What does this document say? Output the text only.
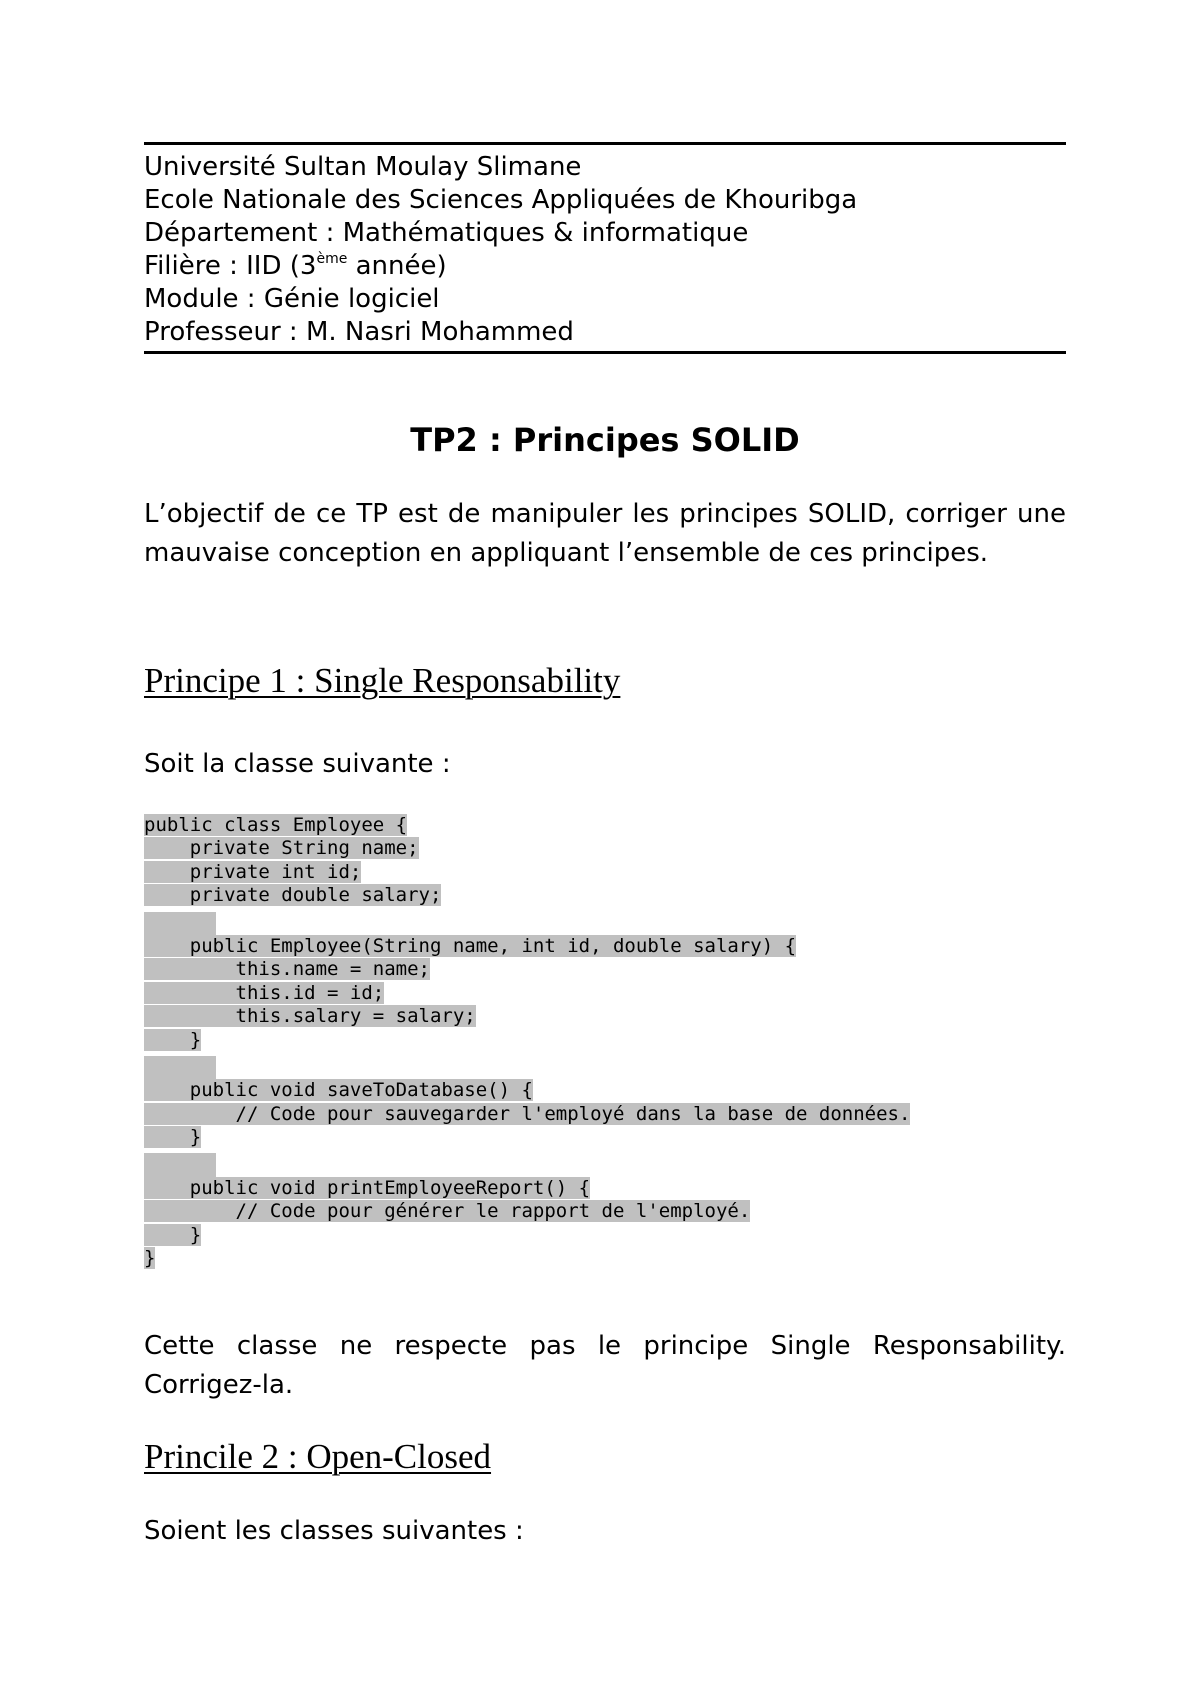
Université Sultan Moulay Slimane
Ecole Nationale des Sciences Appliquées de Khouribga
Département : Mathématiques & informatique
Filière : IID (3ème année)
Module : Génie logiciel
Professeur : M. Nasri Mohammed
TP2 : Principes SOLID
L’objectif de ce TP est de manipuler les principes SOLID, corriger une mauvaise conception en appliquant l’ensemble de ces principes.
Principe 1 : Single Responsability
Soit la classe suivante :
public class Employee {
private String name;
private int id;
private double salary;
public Employee(String name, int id, double salary) {
this.name = name;
this.id = id;
this.salary = salary;
}
public void saveToDatabase() {
// Code pour sauvegarder l'employé dans la base de données.
}
public void printEmployeeReport() {
// Code pour générer le rapport de l'employé.
}
}
Cette classe ne respecte pas le principe Single Responsability. Corrigez-la.
Princile 2 : Open-Closed
Soient les classes suivantes :
